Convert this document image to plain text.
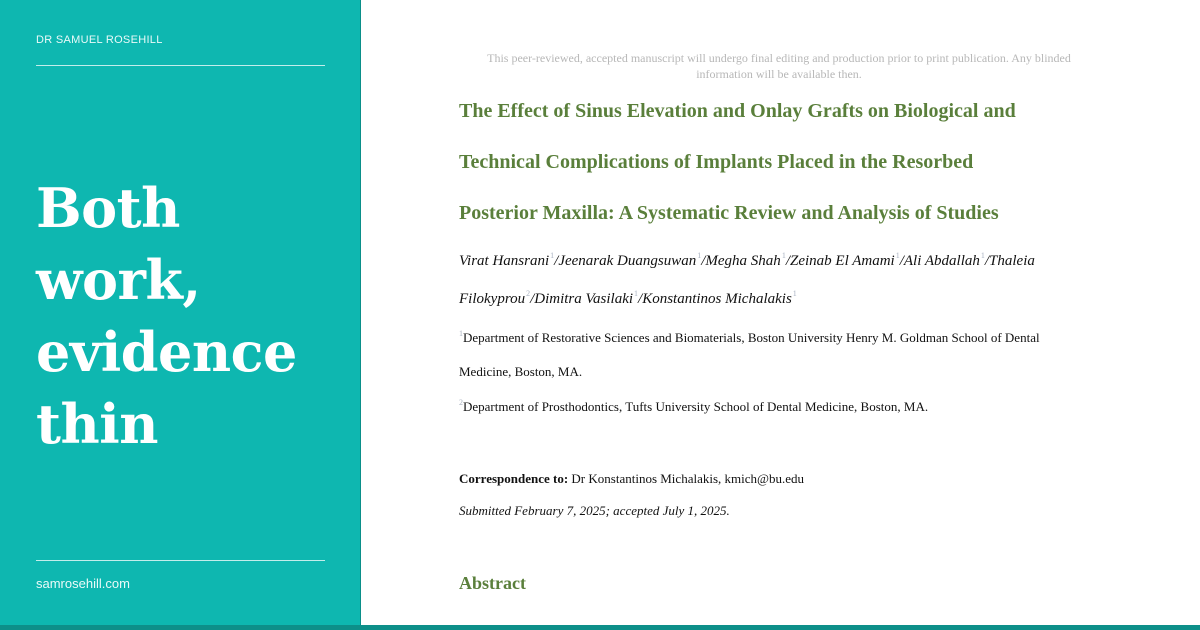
DR SAMUEL ROSEHILL
Both
work,
evidence
thin
samrosehill.com
This peer-reviewed, accepted manuscript will undergo final editing and production prior to print publication. Any blinded information will be available then.
The Effect of Sinus Elevation and Onlay Grafts on Biological and
Technical Complications of Implants Placed in the Resorbed
Posterior Maxilla: A Systematic Review and Analysis of Studies
Virat Hansrani$^1$/Jeenarak Duangsuwan$^1$/Megha Shah$^1$/Zeinab El Amami$^1$/Ali Abdallah$^1$/Thaleia
Filokyprou$^2$/Dimitra Vasilaki$^1$/Konstantinos Michalakis$^1$
$^1$Department of Restorative Sciences and Biomaterials, Boston University Henry M. Goldman School of Dental
Medicine, Boston, MA.
$^2$Department of Prosthodontics, Tufts University School of Dental Medicine, Boston, MA.
Correspondence to: Dr Konstantinos Michalakis, kmich@bu.edu
Submitted February 7, 2025; accepted July 1, 2025.
Abstract
